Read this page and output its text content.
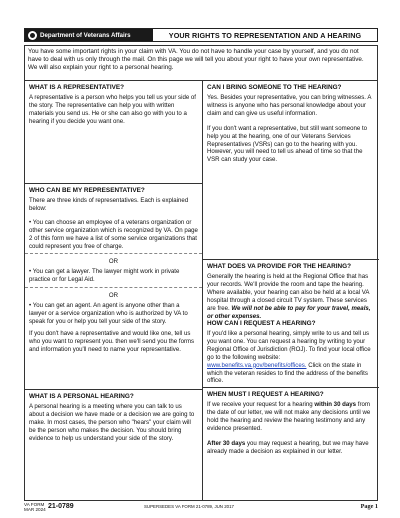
Department of Veterans Affairs	YOUR RIGHTS TO REPRESENTATION AND A HEARING
You have some important rights in your claim with VA. You do not have to handle your case by yourself, and you do not have to deal with us only through the mail. On this page we will tell you about your right to have your own representative. We will also explain your right to a personal hearing.
WHAT IS A REPRESENTATIVE?

A representative is a person who helps you tell us your side of the story. The representative can help you with written materials you send us. He or she can also go with you to a hearing if you decide you want one.

WHO CAN BE MY REPRESENTATIVE?

There are three kinds of representatives. Each is explained below:

• You can choose an employee of a veterans organization or other service organization which is recognized by VA. On page 2 of this form we have a list of some service organizations that could represent you free of charge.

OR

• You can get a lawyer. The lawyer might work in private practice or for Legal Aid.

OR

• You can get an agent. An agent is anyone other than a lawyer or a service organization who is authorized by VA to speak for you or help you tell your side of the story.

If you don't have a representative and would like one, tell us who you want to represent you. then we'll send you the forms and information you'll need to name your representative.

WHAT IS A PERSONAL HEARING?

A personal hearing is a meeting where you can talk to us about a decision we have made or a decision we are going to make. In most cases, the person who "hears" your claim will be the person who makes the decision. You should bring evidence to help us understand your side of the story.

CAN I BRING SOMEONE TO THE HEARING?

Yes. Besides your representative, you can bring witnesses. A witness is anyone who has personal knowledge about your claim and can give us useful information.

If you don't want a representative, but still want someone to help you at the hearing, one of our Veterans Services Representatives (VSRs) can go to the hearing with you. However, you will need to tell us ahead of time so that the VSR can study your case.

WHAT DOES VA PROVIDE FOR THE HEARING?

Generally the hearing is held at the Regional Office that has your records. We'll provide the room and tape the hearing. Where available, your hearing can also be held at a local VA hospital through a closed circuit TV system. These services are free. We will not be able to pay for your travel, meals, or other expenses.

HOW CAN I REQUEST A HEARING?

If you'd like a personal hearing, simply write to us and tell us you want one. You can request a hearing by writing to your Regional Office of Jurisdiction (ROJ). To find your local office go to the following website: www.benefits.va.gov/benefits/offices. Click on the state in which the veteran resides to find the address of the benefits office.

WHEN MUST I REQUEST A HEARING?

If we receive your request for a hearing within 30 days from the date of our letter, we will not make any decisions until we hold the hearing and review the hearing testimony and any evidence presented.

After 30 days you may request a hearing, but we may have already made a decision as explained in our letter.

VA FORM
MAR 2024 21-0789	SUPERSEDES VA FORM 21-0789, JUN 2017	Page 1
